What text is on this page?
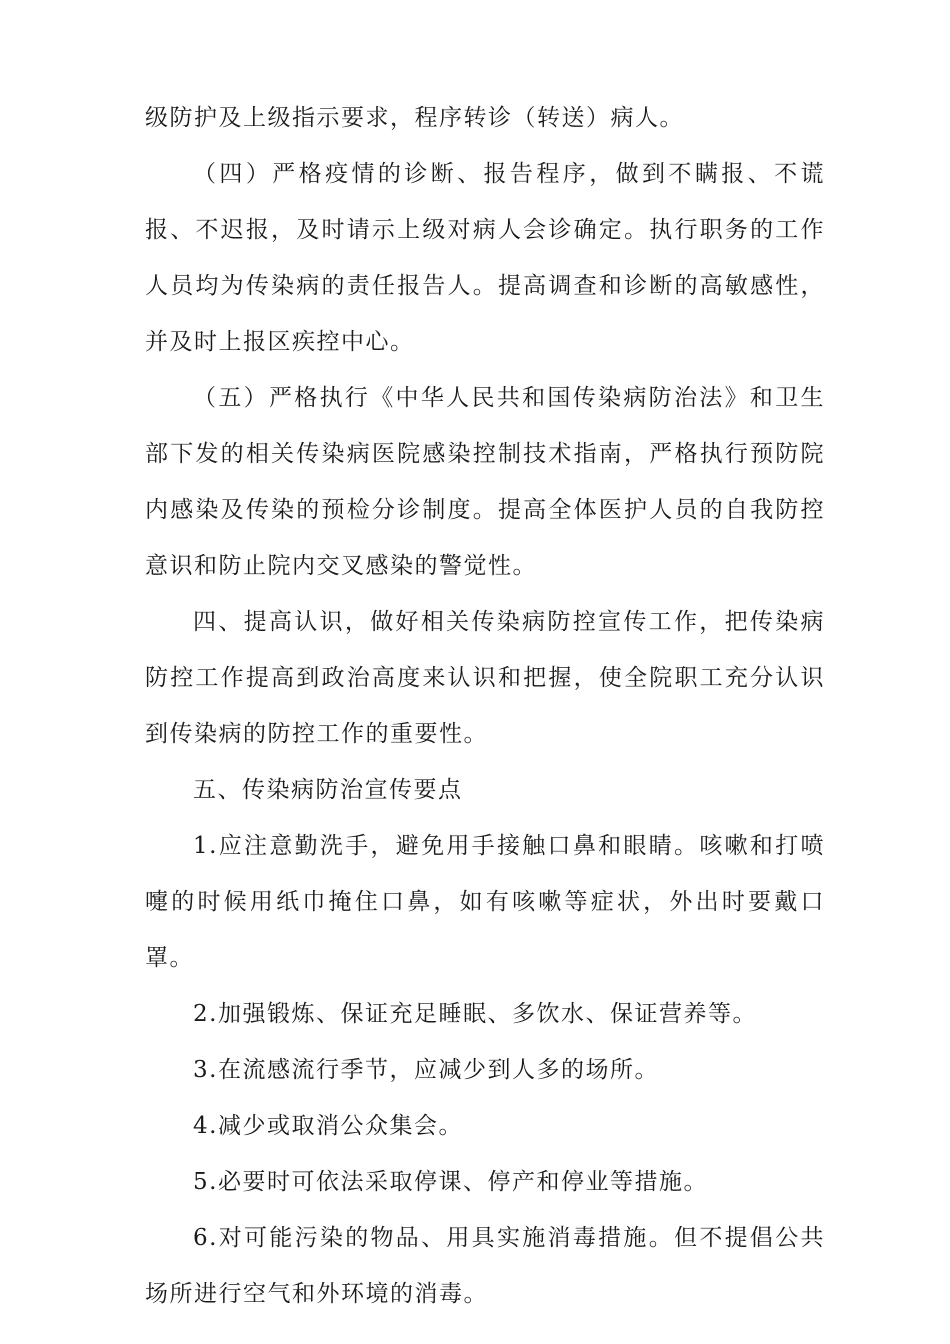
级防护及上级指示要求，程序转诊（转送）病人。

（四）严格疫情的诊断、报告程序，做到不瞒报、不谎报、不迟报，及时请示上级对病人会诊确定。执行职务的工作人员均为传染病的责任报告人。提高调查和诊断的高敏感性，并及时上报区疾控中心。

（五）严格执行《中华人民共和国传染病防治法》和卫生部下发的相关传染病医院感染控制技术指南，严格执行预防院内感染及传染的预检分诊制度。提高全体医护人员的自我防控意识和防止院内交叉感染的警觉性。

四、提高认识，做好相关传染病防控宣传工作，把传染病防控工作提高到政治高度来认识和把握，使全院职工充分认识到传染病的防控工作的重要性。

五、传染病防治宣传要点

1.应注意勤洗手，避免用手接触口鼻和眼睛。咳嗽和打喷嚏的时候用纸巾掩住口鼻，如有咳嗽等症状，外出时要戴口罩。

2.加强锻炼、保证充足睡眠、多饮水、保证营养等。

3.在流感流行季节，应减少到人多的场所。

4.减少或取消公众集会。

5.必要时可依法采取停课、停产和停业等措施。

6.对可能污染的物品、用具实施消毒措施。但不提倡公共场所进行空气和外环境的消毒。
